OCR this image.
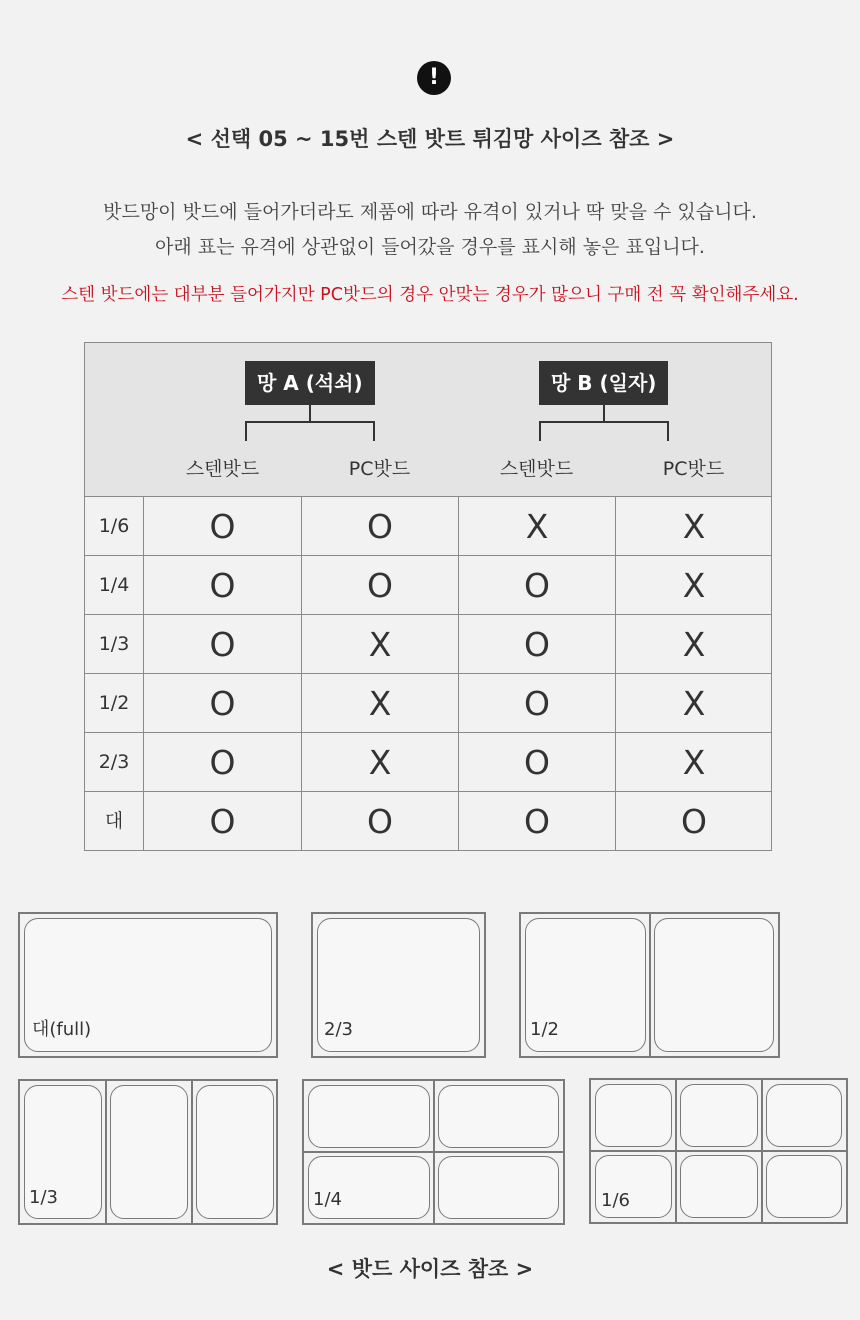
!
< 선택 05 ~ 15번 스텐 밧트 튀김망 사이즈 참조 >
밧드망이 밧드에 들어가더라도 제품에 따라 유격이 있거나 딱 맞을 수 있습니다.
아래 표는 유격에 상관없이 들어갔을 경우를 표시해 놓은 표입니다.
스텐 밧드에는 대부분 들어가지만 PC밧드의 경우 안맞는 경우가 많으니 구매 전 꼭 확인해주세요.
망 A (석쇠)	망 B (일자)
스텐밧드	PC밧드	스텐밧드	PC밧드
1/6	O	O	X	X
1/4	O	O	O	X
1/3	O	X	O	X
1/2	O	X	O	X
2/3	O	X	O	X
대	O	O	O	O
대(full)	2/3	1/2
1/3	1/4	1/6
< 밧드 사이즈 참조 >
